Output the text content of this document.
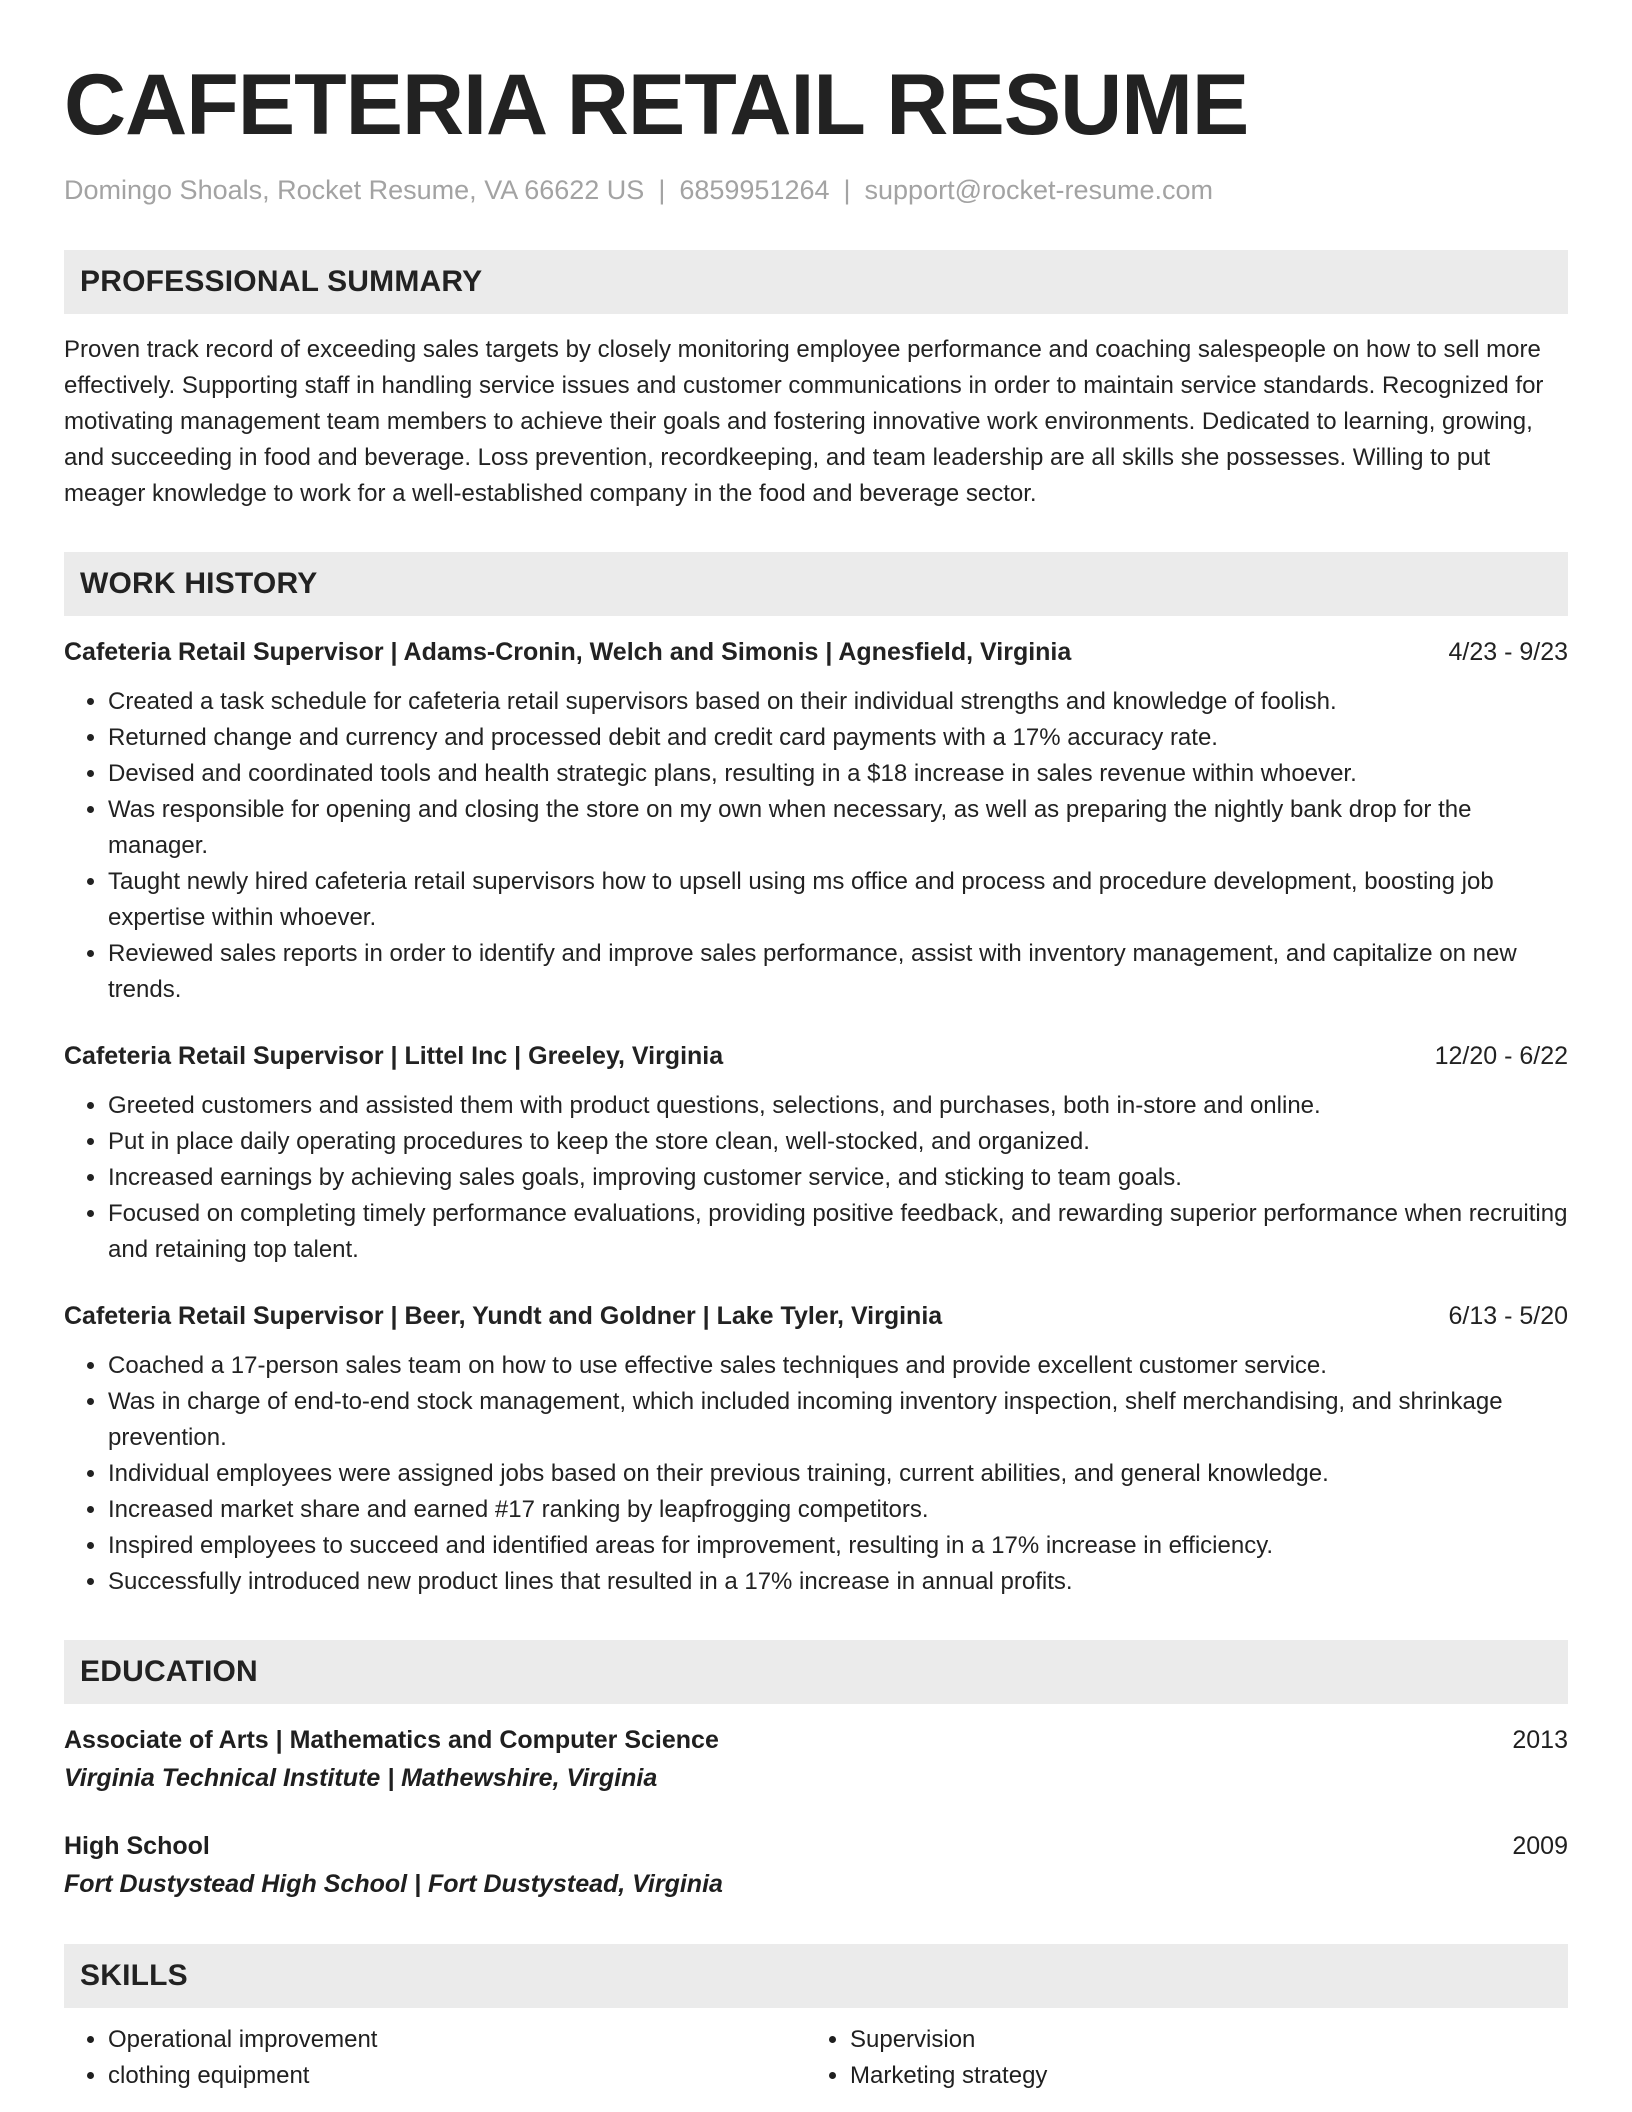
CAFETERIA RETAIL RESUME
Domingo Shoals, Rocket Resume, VA 66622 US | 6859951264 | support@rocket-resume.com
PROFESSIONAL SUMMARY
Proven track record of exceeding sales targets by closely monitoring employee performance and coaching salespeople on how to sell more effectively. Supporting staff in handling service issues and customer communications in order to maintain service standards. Recognized for motivating management team members to achieve their goals and fostering innovative work environments. Dedicated to learning, growing, and succeeding in food and beverage. Loss prevention, recordkeeping, and team leadership are all skills she possesses. Willing to put meager knowledge to work for a well-established company in the food and beverage sector.
WORK HISTORY
Cafeteria Retail Supervisor | Adams-Cronin, Welch and Simonis | Agnesfield, Virginia	4/23 - 9/23
• Created a task schedule for cafeteria retail supervisors based on their individual strengths and knowledge of foolish.
• Returned change and currency and processed debit and credit card payments with a 17% accuracy rate.
• Devised and coordinated tools and health strategic plans, resulting in a $18 increase in sales revenue within whoever.
• Was responsible for opening and closing the store on my own when necessary, as well as preparing the nightly bank drop for the manager.
• Taught newly hired cafeteria retail supervisors how to upsell using ms office and process and procedure development, boosting job expertise within whoever.
• Reviewed sales reports in order to identify and improve sales performance, assist with inventory management, and capitalize on new trends.
Cafeteria Retail Supervisor | Littel Inc | Greeley, Virginia	12/20 - 6/22
• Greeted customers and assisted them with product questions, selections, and purchases, both in-store and online.
• Put in place daily operating procedures to keep the store clean, well-stocked, and organized.
• Increased earnings by achieving sales goals, improving customer service, and sticking to team goals.
• Focused on completing timely performance evaluations, providing positive feedback, and rewarding superior performance when recruiting and retaining top talent.
Cafeteria Retail Supervisor | Beer, Yundt and Goldner | Lake Tyler, Virginia	6/13 - 5/20
• Coached a 17-person sales team on how to use effective sales techniques and provide excellent customer service.
• Was in charge of end-to-end stock management, which included incoming inventory inspection, shelf merchandising, and shrinkage prevention.
• Individual employees were assigned jobs based on their previous training, current abilities, and general knowledge.
• Increased market share and earned #17 ranking by leapfrogging competitors.
• Inspired employees to succeed and identified areas for improvement, resulting in a 17% increase in efficiency.
• Successfully introduced new product lines that resulted in a 17% increase in annual profits.
EDUCATION
Associate of Arts | Mathematics and Computer Science	2013
Virginia Technical Institute | Mathewshire, Virginia
High School	2009
Fort Dustystead High School | Fort Dustystead, Virginia
SKILLS
• Operational improvement
• clothing equipment
• Supervision
• Marketing strategy
